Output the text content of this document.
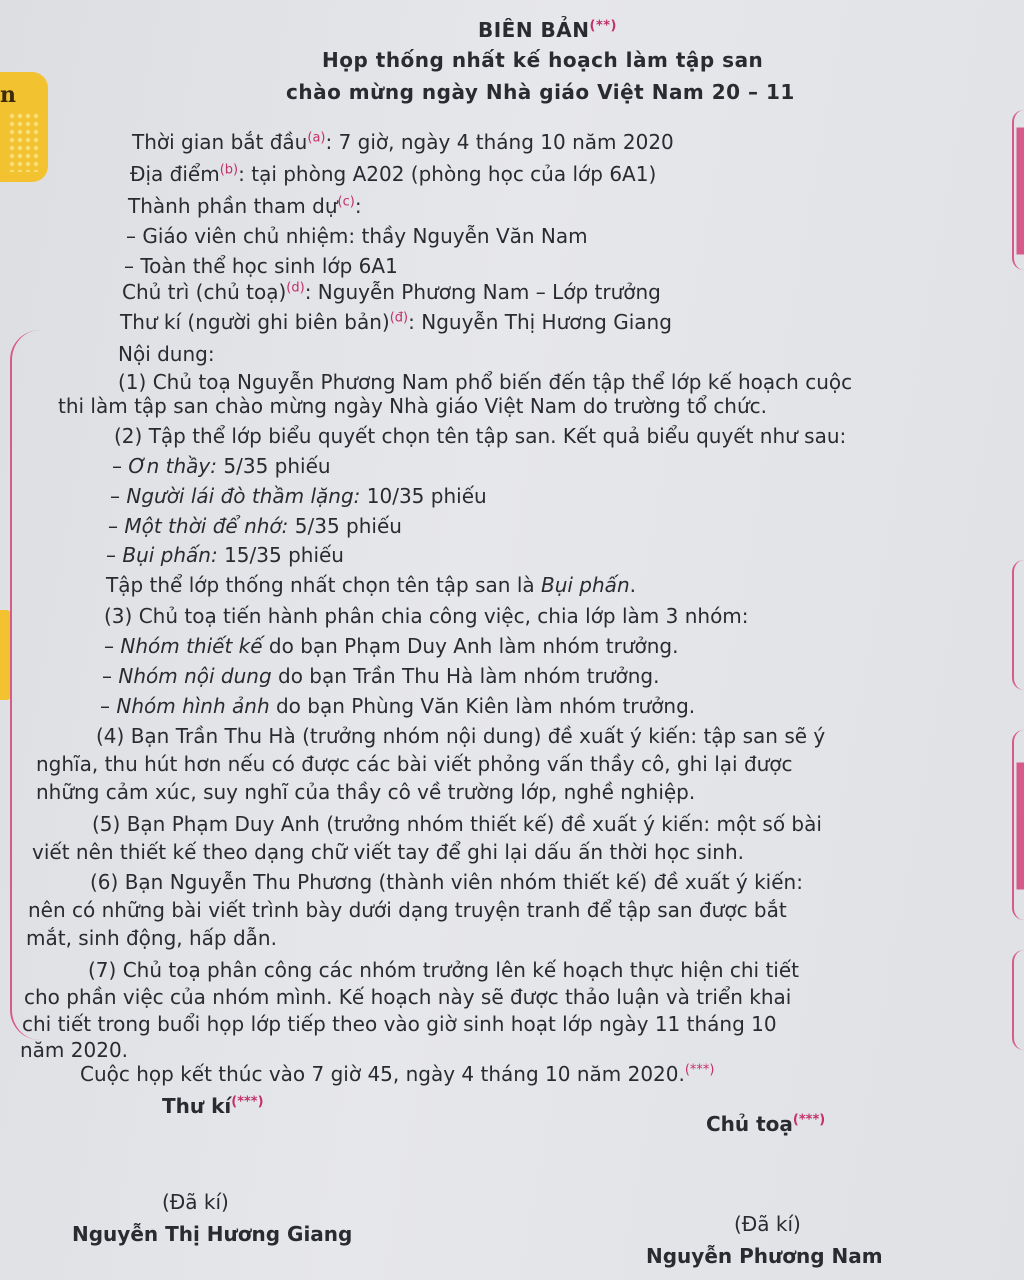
n
BIÊN BẢN(**)
Họp thống nhất kế hoạch làm tập san
chào mừng ngày Nhà giáo Việt Nam 20 – 11
Thời gian bắt đầu$^{(a)}$: 7 giờ, ngày 4 tháng 10 năm 2020
Địa điểm$^{(b)}$: tại phòng A202 (phòng học của lớp 6A1)
Thành phần tham dự$^{(c)}$:
– Giáo viên chủ nhiệm: thầy Nguyễn Văn Nam
– Toàn thể học sinh lớp 6A1
Chủ trì (chủ toạ)$^{(d)}$: Nguyễn Phương Nam – Lớp trưởng
Thư kí (người ghi biên bản)$^{(đ)}$: Nguyễn Thị Hương Giang
Nội dung:
(1) Chủ toạ Nguyễn Phương Nam phổ biến đến tập thể lớp kế hoạch cuộc
thi làm tập san chào mừng ngày Nhà giáo Việt Nam do trường tổ chức.
(2) Tập thể lớp biểu quyết chọn tên tập san. Kết quả biểu quyết như sau:
– Ơn thầy: 5/35 phiếu
– Người lái đò thầm lặng: 10/35 phiếu
– Một thời để nhớ: 5/35 phiếu
– Bụi phấn: 15/35 phiếu
Tập thể lớp thống nhất chọn tên tập san là Bụi phấn.
(3) Chủ toạ tiến hành phân chia công việc, chia lớp làm 3 nhóm:
– Nhóm thiết kế do bạn Phạm Duy Anh làm nhóm trưởng.
– Nhóm nội dung do bạn Trần Thu Hà làm nhóm trưởng.
– Nhóm hình ảnh do bạn Phùng Văn Kiên làm nhóm trưởng.
(4) Bạn Trần Thu Hà (trưởng nhóm nội dung) đề xuất ý kiến: tập san sẽ ý
nghĩa, thu hút hơn nếu có được các bài viết phỏng vấn thầy cô, ghi lại được
những cảm xúc, suy nghĩ của thầy cô về trường lớp, nghề nghiệp.
(5) Bạn Phạm Duy Anh (trưởng nhóm thiết kế) đề xuất ý kiến: một số bài
viết nên thiết kế theo dạng chữ viết tay để ghi lại dấu ấn thời học sinh.
(6) Bạn Nguyễn Thu Phương (thành viên nhóm thiết kế) đề xuất ý kiến:
nên có những bài viết trình bày dưới dạng truyện tranh để tập san được bắt
mắt, sinh động, hấp dẫn.
(7) Chủ toạ phân công các nhóm trưởng lên kế hoạch thực hiện chi tiết
cho phần việc của nhóm mình. Kế hoạch này sẽ được thảo luận và triển khai
chi tiết trong buổi họp lớp tiếp theo vào giờ sinh hoạt lớp ngày 11 tháng 10
năm 2020.
Cuộc họp kết thúc vào 7 giờ 45, ngày 4 tháng 10 năm 2020.(***)
Thư kí(***)
Chủ toạ(***)
(Đã kí)
Nguyễn Thị Hương Giang	(Đã kí)
Nguyễn Phương Nam
